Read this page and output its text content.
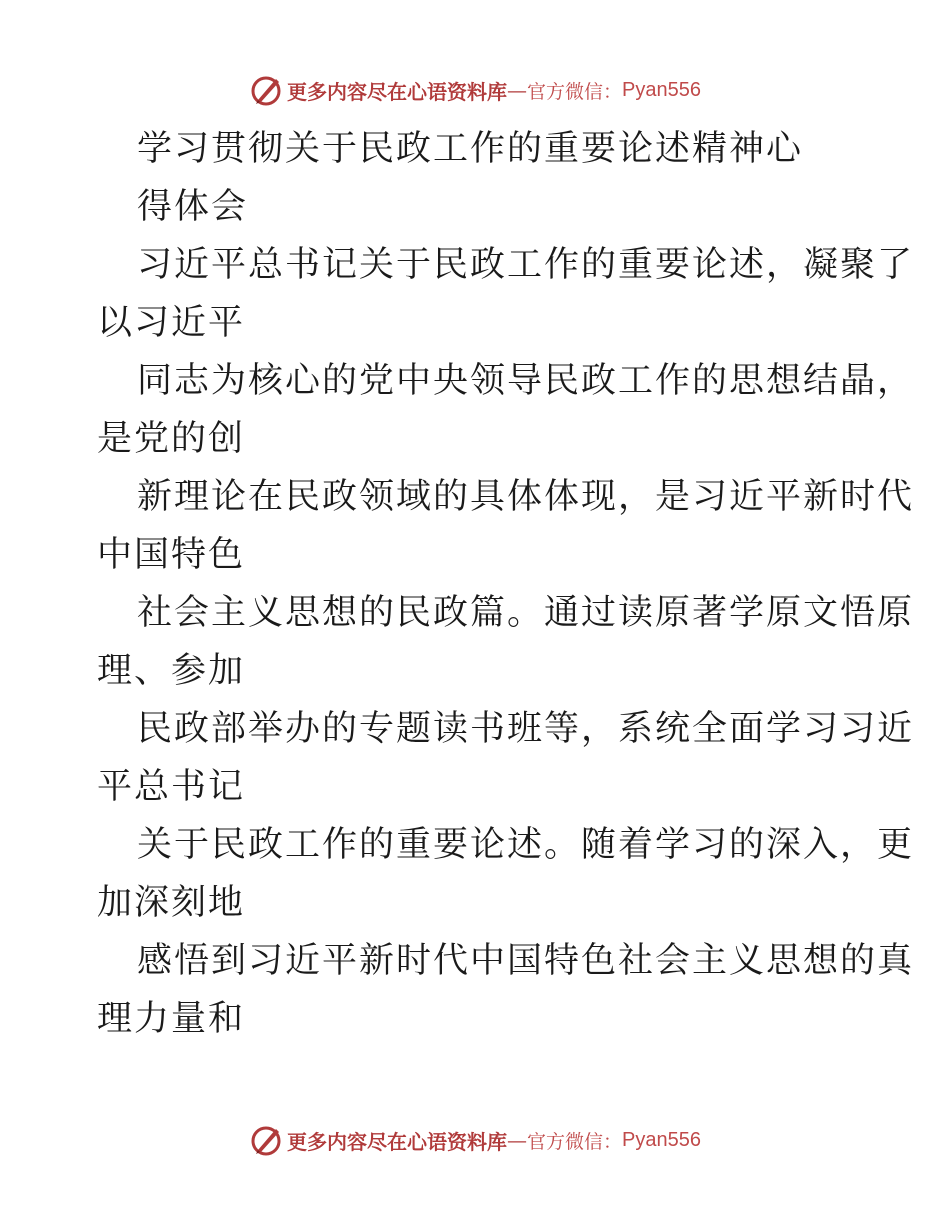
更多内容尽在心语资料库 — 官方微信： Pyan556
学习贯彻关于民政工作的重要论述精神心
得体会
习近平总书记关于民政工作的重要论述，凝聚了
以习近平
同志为核心的党中央领导民政工作的思想结晶，
是党的创
新理论在民政领域的具体体现，是习近平新时代
中国特色
社会主义思想的民政篇。通过读原著学原文悟原
理、参加
民政部举办的专题读书班等，系统全面学习习近
平总书记
关于民政工作的重要论述。随着学习的深入，更
加深刻地
感悟到习近平新时代中国特色社会主义思想的真
理力量和
更多内容尽在心语资料库 — 官方微信： Pyan556
